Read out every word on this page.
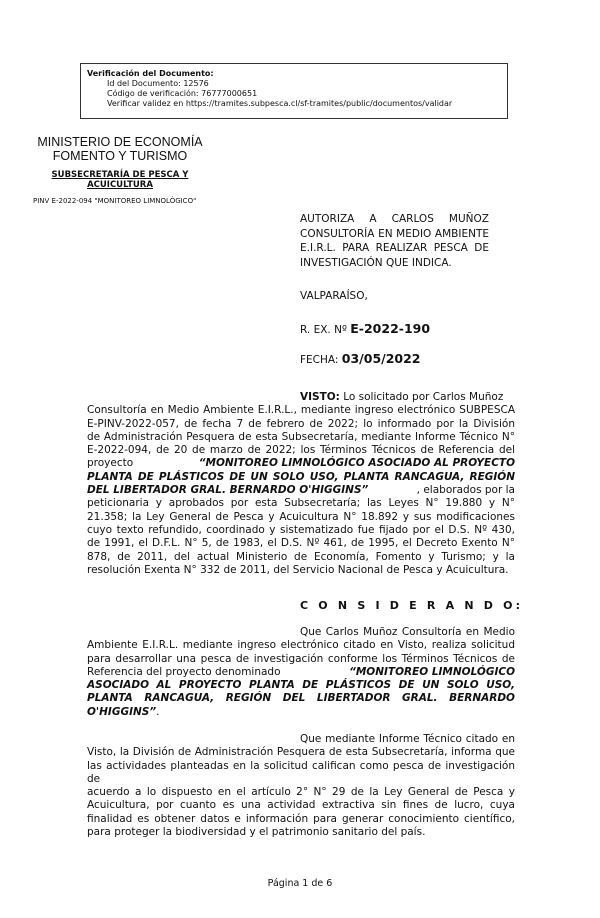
Verificación del Documento:
• Id del Documento: 12576
• Código de verificación: 76777000651
• Verificar validez en https://tramites.subpesca.cl/sf-tramites/public/documentos/validar
MINISTERIO DE ECONOMÍA
FOMENTO Y TURISMO
SUBSECRETARÍA DE PESCA Y
ACUICULTURA
PINV E-2022-094 "MONITOREO LIMNOLÓGICO"
AUTORIZA A CARLOS MUÑOZ
CONSULTORÍA EN MEDIO AMBIENTE
E.I.R.L. PARA REALIZAR PESCA DE
INVESTIGACIÓN QUE INDICA.
VALPARAÍSO,
R. EX. Nº E-2022-190
FECHA: 03/05/2022
VISTO: Lo solicitado por Carlos Muñoz
Consultoría en Medio Ambiente E.I.R.L., mediante ingreso electrónico SUBPESCA
E-PINV-2022-057, de fecha 7 de febrero de 2022; lo informado por la División
de Administración Pesquera de esta Subsecretaría, mediante Informe Técnico N°
E-2022-094, de 20 de marzo de 2022; los Términos Técnicos de Referencia del
proyecto	“MONITOREO LIMNOLÓGICO ASOCIADO AL PROYECTO
PLANTA DE PLÁSTICOS DE UN SOLO USO, PLANTA RANCAGUA, REGIÓN
DEL LIBERTADOR GRAL. BERNARDO O'HIGGINS”	, elaborados por la
peticionaria y aprobados por esta Subsecretaría; las Leyes N° 19.880 y N°
21.358; la Ley General de Pesca y Acuicultura N° 18.892 y sus modificaciones
cuyo texto refundido, coordinado y sistematizado fue fijado por el D.S. Nº 430,
de 1991, el D.F.L. N° 5, de 1983, el D.S. Nº 461, de 1995, el Decreto Exento N°
878, de 2011, del actual Ministerio de Economía, Fomento y Turismo; y la
resolución Exenta N° 332 de 2011, del Servicio Nacional de Pesca y Acuicultura.
C O N S I D E R A N D O:
Que Carlos Muñoz Consultoría en Medio
Ambiente E.I.R.L. mediante ingreso electrónico citado en Visto, realiza solicitud
para desarrollar una pesca de investigación conforme los Términos Técnicos de
Referencia del proyecto denominado	“MONITOREO LIMNOLÓGICO
ASOCIADO AL PROYECTO PLANTA DE PLÁSTICOS DE UN SOLO USO,
PLANTA RANCAGUA, REGIÓN DEL LIBERTADOR GRAL. BERNARDO
O'HIGGINS”.
Que mediante Informe Técnico citado en
Visto, la División de Administración Pesquera de esta Subsecretaría, informa que
las actividades planteadas en la solicitud califican como pesca de investigación de
acuerdo a lo dispuesto en el artículo 2° N° 29 de la Ley General de Pesca y
Acuicultura, por cuanto es una actividad extractiva sin fines de lucro, cuya
finalidad es obtener datos e información para generar conocimiento científico,
para proteger la biodiversidad y el patrimonio sanitario del país.
Página 1 de 6
